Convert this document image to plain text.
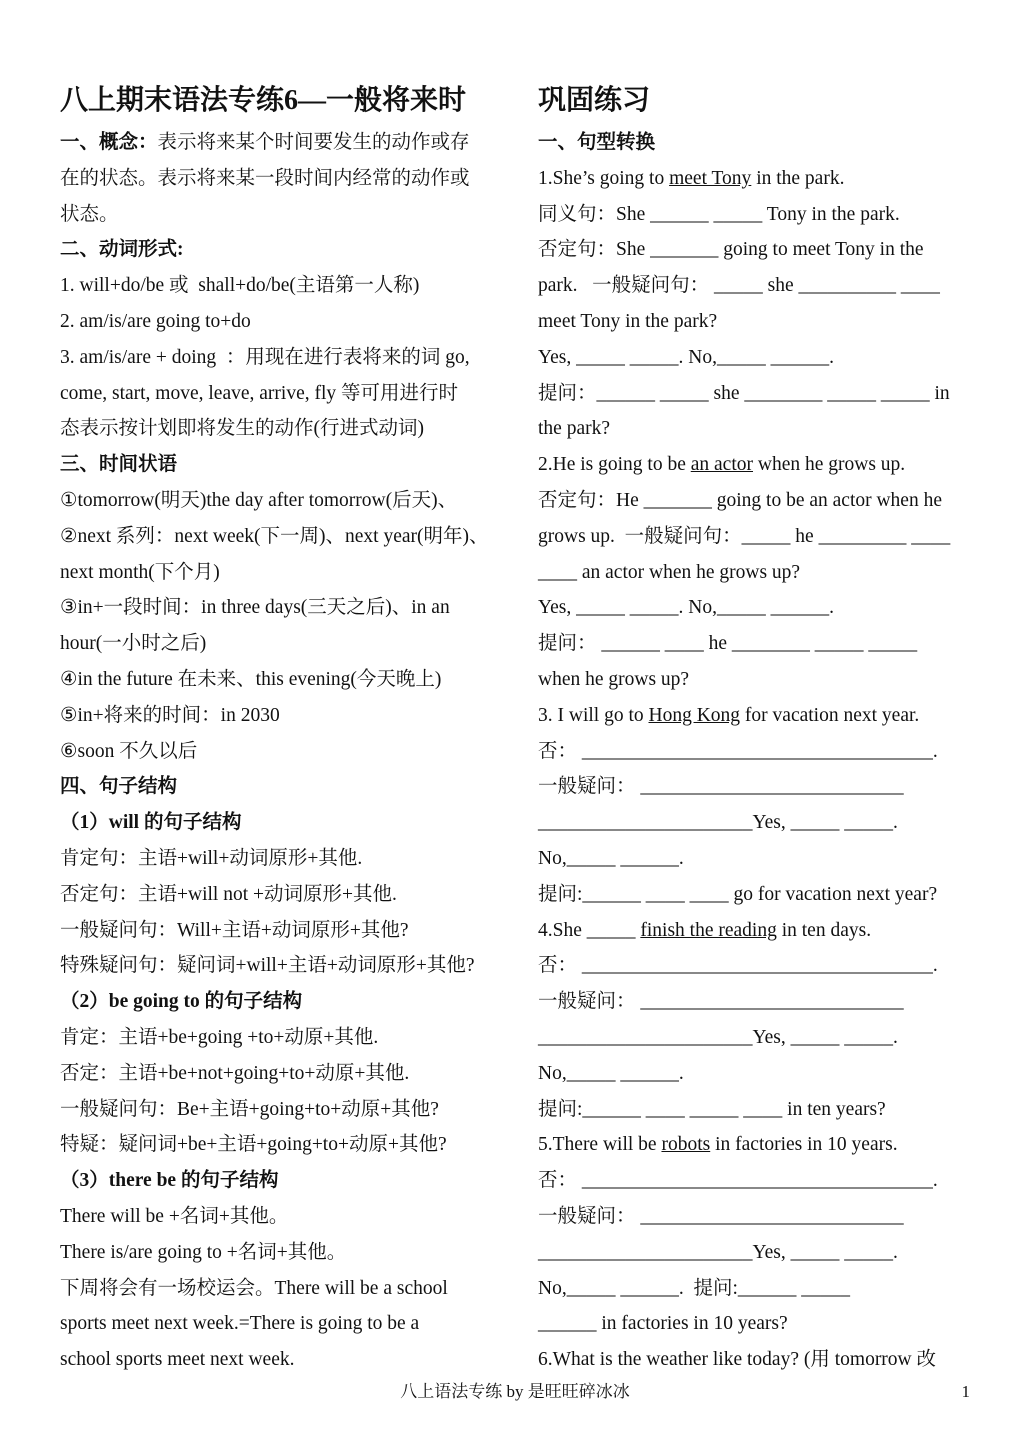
八上期末语法专练6—一般将来时
一、概念：表示将来某个时间要发生的动作或存
在的状态。表示将来某一段时间内经常的动作或
状态。
二、动词形式:
1. will+do/be 或  shall+do/be(主语第一人称)
2. am/is/are going to+do
3. am/is/are + doing  ：用现在进行表将来的词 go,
come, start, move, leave, arrive, fly 等可用进行时
态表示按计划即将发生的动作(行进式动词)
三、时间状语
①tomorrow(明天)the day after tomorrow(后天)、
②next 系列：next week(下一周)、next year(明年)、
next month(下个月)
③in+一段时间：in three days(三天之后)、in an
hour(一小时之后)
④in the future 在未来、this evening(今天晚上)
⑤in+将来的时间：in 2030
⑥soon 不久以后
四、句子结构
（1）will 的句子结构
肯定句：主语+will+动词原形+其他.
否定句：主语+will not +动词原形+其他.
一般疑问句：Will+主语+动词原形+其他?
特殊疑问句：疑问词+will+主语+动词原形+其他?
（2）be going to 的句子结构
肯定：主语+be+going +to+动原+其他.
否定：主语+be+not+going+to+动原+其他.
一般疑问句：Be+主语+going+to+动原+其他?
特疑：疑问词+be+主语+going+to+动原+其他?
（3）there be 的句子结构
There will be +名词+其他。
There is/are going to +名词+其他。
下周将会有一场校运会。There will be a school
sports meet next week.=There is going to be a
school sports meet next week.
巩固练习
一、句型转换
1.She’s going to meet Tony in the park.
同义句：She ______ _____ Tony in the park.
否定句：She _______ going to meet Tony in the
park.   一般疑问句： _____ she __________ ____
meet Tony in the park?
Yes, _____ _____. No,_____ ______.
提问：______ _____ she ________ _____ _____ in
the park?
2.He is going to be an actor when he grows up.
否定句：He _______ going to be an actor when he
grows up.  一般疑问句：_____ he _________ ____
____ an actor when he grows up?
Yes, _____ _____. No,_____ ______.
提问： ______ ____ he ________ _____ _____
when he grows up?
3. I will go to Hong Kong for vacation next year.
否： ____________________________________.
一般疑问： ___________________________
______________________Yes, _____ _____.
No,_____ ______.
提问:______ ____ ____ go for vacation next year?
4.She _____ finish the reading in ten days.
否： ____________________________________.
一般疑问： ___________________________
______________________Yes, _____ _____.
No,_____ ______.
提问:______ ____ _____ ____ in ten years?
5.There will be robots in factories in 10 years.
否： ____________________________________.
一般疑问： ___________________________
______________________Yes, _____ _____.
No,_____ ______.  提问:______ _____
______ in factories in 10 years?
6.What is the weather like today? (用 tomorrow 改
八上语法专练 by 是旺旺碎冰冰	1
